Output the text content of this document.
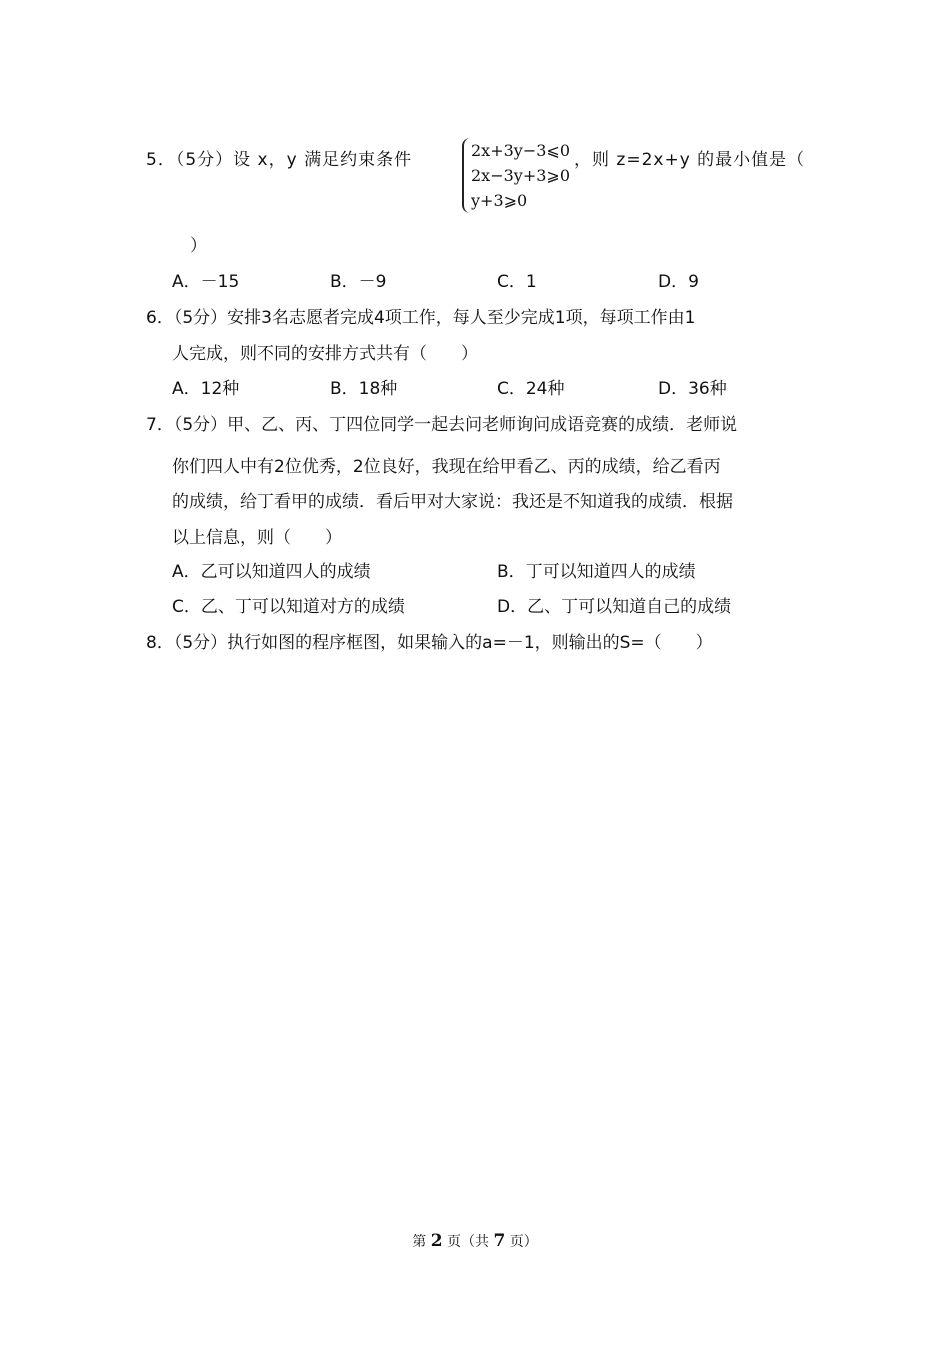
5．（5分）设 x，y 满足约束条件	2x+3y−3⩽0
2x−3y+3⩾0
y+3⩾0
，则 z=2x+y 的最小值是（
）
A．－15	B．－9	C．1	D．9
6．（5分）安排3名志愿者完成4项工作，每人至少完成1项，每项工作由1
人完成，则不同的安排方式共有（　　）
A．12种	B．18种	C．24种	D．36种
7．（5分）甲、乙、丙、丁四位同学一起去问老师询问成语竞赛的成绩．老师说
你们四人中有2位优秀，2位良好，我现在给甲看乙、丙的成绩，给乙看丙
的成绩，给丁看甲的成绩．看后甲对大家说：我还是不知道我的成绩．根据
以上信息，则（　　）
A．乙可以知道四人的成绩	B．丁可以知道四人的成绩
C．乙、丁可以知道对方的成绩	D．乙、丁可以知道自己的成绩
8．（5分）执行如图的程序框图，如果输入的a=－1，则输出的S=（　　）
第 2 页（共 7 页）
